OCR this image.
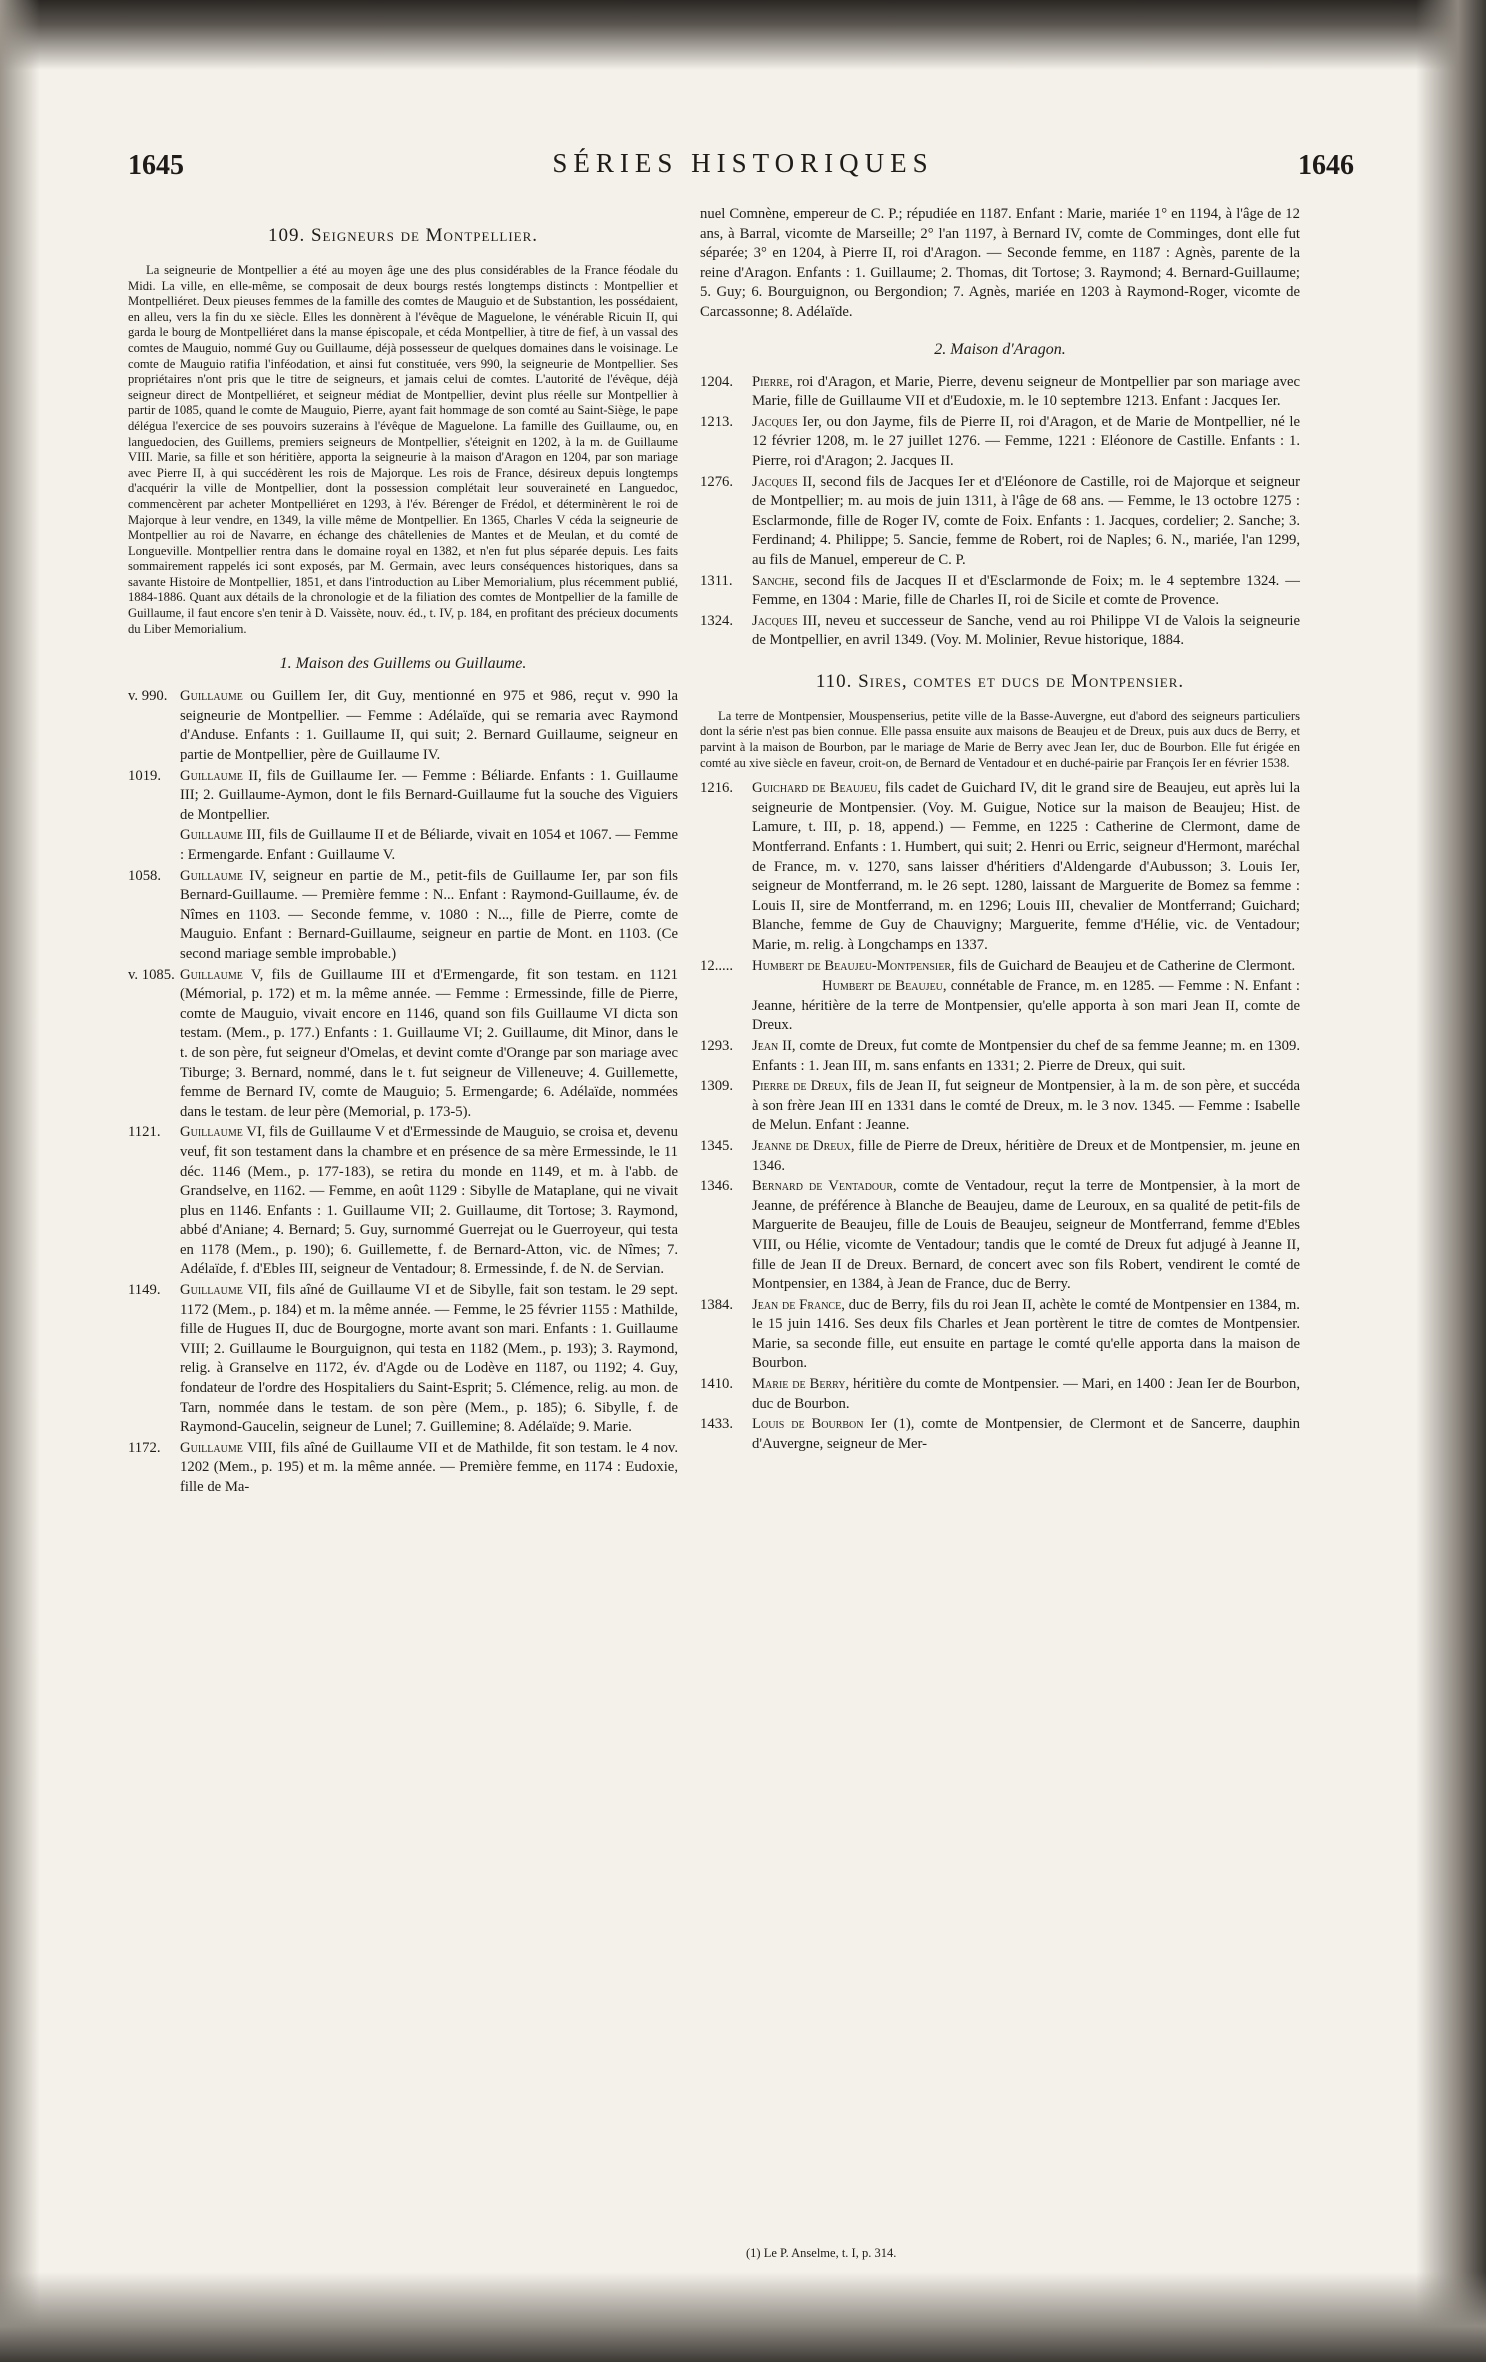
1645	SÉRIES HISTORIQUES	1646
109. Seigneurs de Montpellier.

La seigneurie de Montpellier a été au moyen âge une des plus considérables de la France féodale du Midi. La ville, en elle-même, se composait de deux bourgs restés longtemps distincts : Montpellier et Montpelliéret. Deux pieuses femmes de la famille des comtes de Mauguio et de Substantion, les possédaient, en alleu, vers la fin du xe siècle. Elles les donnèrent à l'évêque de Maguelone, le vénérable Ricuin II, qui garda le bourg de Montpelliéret dans la manse épiscopale, et céda Montpellier, à titre de fief, à un vassal des comtes de Mauguio, nommé Guy ou Guillaume, déjà possesseur de quelques domaines dans le voisinage. Le comte de Mauguio ratifia l'inféodation, et ainsi fut constituée, vers 990, la seigneurie de Montpellier. Ses propriétaires n'ont pris que le titre de seigneurs, et jamais celui de comtes. L'autorité de l'évêque, déjà seigneur direct de Montpelliéret, et seigneur médiat de Montpellier, devint plus réelle sur Montpellier à partir de 1085, quand le comte de Mauguio, Pierre, ayant fait hommage de son comté au Saint-Siège, le pape délégua l'exercice de ses pouvoirs suzerains à l'évêque de Maguelone. La famille des Guillaume, ou, en languedocien, des Guillems, premiers seigneurs de Montpellier, s'éteignit en 1202, à la m. de Guillaume VIII. Marie, sa fille et son héritière, apporta la seigneurie à la maison d'Aragon en 1204, par son mariage avec Pierre II, à qui succédèrent les rois de Majorque. Les rois de France, désireux depuis longtemps d'acquérir la ville de Montpellier, dont la possession complétait leur souveraineté en Languedoc, commencèrent par acheter Montpelliéret en 1293, à l'év. Bérenger de Frédol, et déterminèrent le roi de Majorque à leur vendre, en 1349, la ville même de Montpellier. En 1365, Charles V céda la seigneurie de Montpellier au roi de Navarre, en échange des châtellenies de Mantes et de Meulan, et du comté de Longueville. Montpellier rentra dans le domaine royal en 1382, et n'en fut plus séparée depuis. Les faits sommairement rappelés ici sont exposés, par M. Germain, avec leurs conséquences historiques, dans sa savante Histoire de Montpellier, 1851, et dans l'introduction au Liber Memorialium, plus récemment publié, 1884-1886. Quant aux détails de la chronologie et de la filiation des comtes de Montpellier de la famille de Guillaume, il faut encore s'en tenir à D. Vaissète, nouv. éd., t. IV, p. 184, en profitant des précieux documents du Liber Memorialium.

1. Maison des Guillems ou Guillaume.

v. 990. Guillaume ou Guillem Ier, dit Guy, mentionné en 975 et 986, reçut v. 990 la seigneurie de Montpellier. — Femme : Adélaïde, qui se remaria avec Raymond d'Anduse. Enfants : 1. Guillaume II, qui suit; 2. Bernard Guillaume, seigneur en partie de Montpellier, père de Guillaume IV.

1019. Guillaume II, fils de Guillaume Ier. — Femme : Béliarde. Enfants : 1. Guillaume III; 2. Guillaume-Aymon, dont le fils Bernard-Guillaume fut la souche des Viguiers de Montpellier.

Guillaume III, fils de Guillaume II et de Béliarde, vivait en 1054 et 1067. — Femme : Ermengarde. Enfant : Guillaume V.

1058. Guillaume IV, seigneur en partie de M., petit-fils de Guillaume Ier, par son fils Bernard-Guillaume. — Première femme : N... Enfant : Raymond-Guillaume, év. de Nîmes en 1103. — Seconde femme, v. 1080 : N..., fille de Pierre, comte de Mauguio. Enfant : Bernard-Guillaume, seigneur en partie de Mont. en 1103. (Ce second mariage semble improbable.)

v. 1085. Guillaume V, fils de Guillaume III et d'Ermengarde, fit son testam. en 1121 (Mémorial, p. 172) et m. la même année. — Femme : Ermessinde, fille de Pierre, comte de Mauguio, vivait encore en 1146, quand son fils Guillaume VI dicta son testam. (Mem., p. 177.) Enfants : 1. Guillaume VI; 2. Guillaume, dit Minor, dans le t. de son père, fut seigneur d'Omelas, et devint comte d'Orange par son mariage avec Tiburge; 3. Bernard, nommé, dans le t. fut seigneur de Villeneuve; 4. Guillemette, femme de Bernard IV, comte de Mauguio; 5. Ermengarde; 6. Adélaïde, nommées dans le testam. de leur père (Memorial, p. 173-5).

1121. Guillaume VI, fils de Guillaume V et d'Ermessinde de Mauguio, se croisa et, devenu veuf, fit son testament dans la chambre et en présence de sa mère Ermessinde, le 11 déc. 1146 (Mem., p. 177-183), se retira du monde en 1149, et m. à l'abb. de Grandselve, en 1162. — Femme, en août 1129 : Sibylle de Mataplane, qui ne vivait plus en 1146. Enfants : 1. Guillaume VII; 2. Guillaume, dit Tortose; 3. Raymond, abbé d'Aniane; 4. Bernard; 5. Guy, surnommé Guerrejat ou le Guerroyeur, qui testa en 1178 (Mem., p. 190); 6. Guillemette, f. de Bernard-Atton, vic. de Nîmes; 7. Adélaïde, f. d'Ebles III, seigneur de Ventadour; 8. Ermessinde, f. de N. de Servian.

1149. Guillaume VII, fils aîné de Guillaume VI et de Sibylle, fait son testam. le 29 sept. 1172 (Mem., p. 184) et m. la même année. — Femme, le 25 février 1155 : Mathilde, fille de Hugues II, duc de Bourgogne, morte avant son mari. Enfants : 1. Guillaume VIII; 2. Guillaume le Bourguignon, qui testa en 1182 (Mem., p. 193); 3. Raymond, relig. à Granselve en 1172, év. d'Agde ou de Lodève en 1187, ou 1192; 4. Guy, fondateur de l'ordre des Hospitaliers du Saint-Esprit; 5. Clémence, relig. au mon. de Tarn, nommée dans le testam. de son père (Mem., p. 185); 6. Sibylle, f. de Raymond-Gaucelin, seigneur de Lunel; 7. Guillemine; 8. Adélaïde; 9. Marie.

1172. Guillaume VIII, fils aîné de Guillaume VII et de Mathilde, fit son testam. le 4 nov. 1202 (Mem., p. 195) et m. la même année. — Première femme, en 1174 : Eudoxie, fille de Ma-

nuel Comnène, empereur de C. P.; répudiée en 1187. Enfant : Marie, mariée 1° en 1194, à l'âge de 12 ans, à Barral, vicomte de Marseille; 2° l'an 1197, à Bernard IV, comte de Comminges, dont elle fut séparée; 3° en 1204, à Pierre II, roi d'Aragon. — Seconde femme, en 1187 : Agnès, parente de la reine d'Aragon. Enfants : 1. Guillaume; 2. Thomas, dit Tortose; 3. Raymond; 4. Bernard-Guillaume; 5. Guy; 6. Bourguignon, ou Bergondion; 7. Agnès, mariée en 1203 à Raymond-Roger, vicomte de Carcassonne; 8. Adélaïde.

2. Maison d'Aragon.

1204. Pierre, roi d'Aragon, et Marie, Pierre, devenu seigneur de Montpellier par son mariage avec Marie, fille de Guillaume VII et d'Eudoxie, m. le 10 septembre 1213. Enfant : Jacques Ier.

1213. Jacques Ier, ou don Jayme, fils de Pierre II, roi d'Aragon, et de Marie de Montpellier, né le 12 février 1208, m. le 27 juillet 1276. — Femme, 1221 : Eléonore de Castille. Enfants : 1. Pierre, roi d'Aragon; 2. Jacques II.

1276. Jacques II, second fils de Jacques Ier et d'Eléonore de Castille, roi de Majorque et seigneur de Montpellier; m. au mois de juin 1311, à l'âge de 68 ans. — Femme, le 13 octobre 1275 : Esclarmonde, fille de Roger IV, comte de Foix. Enfants : 1. Jacques, cordelier; 2. Sanche; 3. Ferdinand; 4. Philippe; 5. Sancie, femme de Robert, roi de Naples; 6. N., mariée, l'an 1299, au fils de Manuel, empereur de C. P.

1311. Sanche, second fils de Jacques II et d'Esclarmonde de Foix; m. le 4 septembre 1324. — Femme, en 1304 : Marie, fille de Charles II, roi de Sicile et comte de Provence.

1324. Jacques III, neveu et successeur de Sanche, vend au roi Philippe VI de Valois la seigneurie de Montpellier, en avril 1349. (Voy. M. Molinier, Revue historique, 1884.

110. Sires, comtes et ducs de Montpensier.

La terre de Montpensier, Mouspenserius, petite ville de la Basse-Auvergne, eut d'abord des seigneurs particuliers dont la série n'est pas bien connue. Elle passa ensuite aux maisons de Beaujeu et de Dreux, puis aux ducs de Berry, et parvint à la maison de Bourbon, par le mariage de Marie de Berry avec Jean Ier, duc de Bourbon. Elle fut érigée en comté au xive siècle en faveur, croit-on, de Bernard de Ventadour et en duché-pairie par François Ier en février 1538.

1216. Guichard de Beaujeu, fils cadet de Guichard IV, dit le grand sire de Beaujeu, eut après lui la seigneurie de Montpensier. (Voy. M. Guigue, Notice sur la maison de Beaujeu; Hist. de Lamure, t. III, p. 18, append.) — Femme, en 1225 : Catherine de Clermont, dame de Montferrand. Enfants : 1. Humbert, qui suit; 2. Henri ou Erric, seigneur d'Hermont, maréchal de France, m. v. 1270, sans laisser d'héritiers d'Aldengarde d'Aubusson; 3. Louis Ier, seigneur de Montferrand, m. le 26 sept. 1280, laissant de Marguerite de Bomez sa femme : Louis II, sire de Montferrand, m. en 1296; Louis III, chevalier de Montferrand; Guichard; Blanche, femme de Guy de Chauvigny; Marguerite, femme d'Hélie, vic. de Ventadour; Marie, m. relig. à Longchamps en 1337.

12..... Humbert de Beaujeu-Montpensier, fils de Guichard de Beaujeu et de Catherine de Clermont.

Humbert de Beaujeu, connétable de France, m. en 1285. — Femme : N. Enfant : Jeanne, héritière de la terre de Montpensier, qu'elle apporta à son mari Jean II, comte de Dreux.

1293. Jean II, comte de Dreux, fut comte de Montpensier du chef de sa femme Jeanne; m. en 1309. Enfants : 1. Jean III, m. sans enfants en 1331; 2. Pierre de Dreux, qui suit.

1309. Pierre de Dreux, fils de Jean II, fut seigneur de Montpensier, à la m. de son père, et succéda à son frère Jean III en 1331 dans le comté de Dreux, m. le 3 nov. 1345. — Femme : Isabelle de Melun. Enfant : Jeanne.

1345. Jeanne de Dreux, fille de Pierre de Dreux, héritière de Dreux et de Montpensier, m. jeune en 1346.

1346. Bernard de Ventadour, comte de Ventadour, reçut la terre de Montpensier, à la mort de Jeanne, de préférence à Blanche de Beaujeu, dame de Leuroux, en sa qualité de petit-fils de Marguerite de Beaujeu, fille de Louis de Beaujeu, seigneur de Montferrand, femme d'Ebles VIII, ou Hélie, vicomte de Ventadour; tandis que le comté de Dreux fut adjugé à Jeanne II, fille de Jean II de Dreux. Bernard, de concert avec son fils Robert, vendirent le comté de Montpensier, en 1384, à Jean de France, duc de Berry.

1384. Jean de France, duc de Berry, fils du roi Jean II, achète le comté de Montpensier en 1384, m. le 15 juin 1416. Ses deux fils Charles et Jean portèrent le titre de comtes de Montpensier. Marie, sa seconde fille, eut ensuite en partage le comté qu'elle apporta dans la maison de Bourbon.

1410. Marie de Berry, héritière du comte de Montpensier. — Mari, en 1400 : Jean Ier de Bourbon, duc de Bourbon.

1433. Louis de Bourbon Ier (1), comte de Montpensier, de Clermont et de Sancerre, dauphin d'Auvergne, seigneur de Mer-

(1) Le P. Anselme, t. I, p. 314.
